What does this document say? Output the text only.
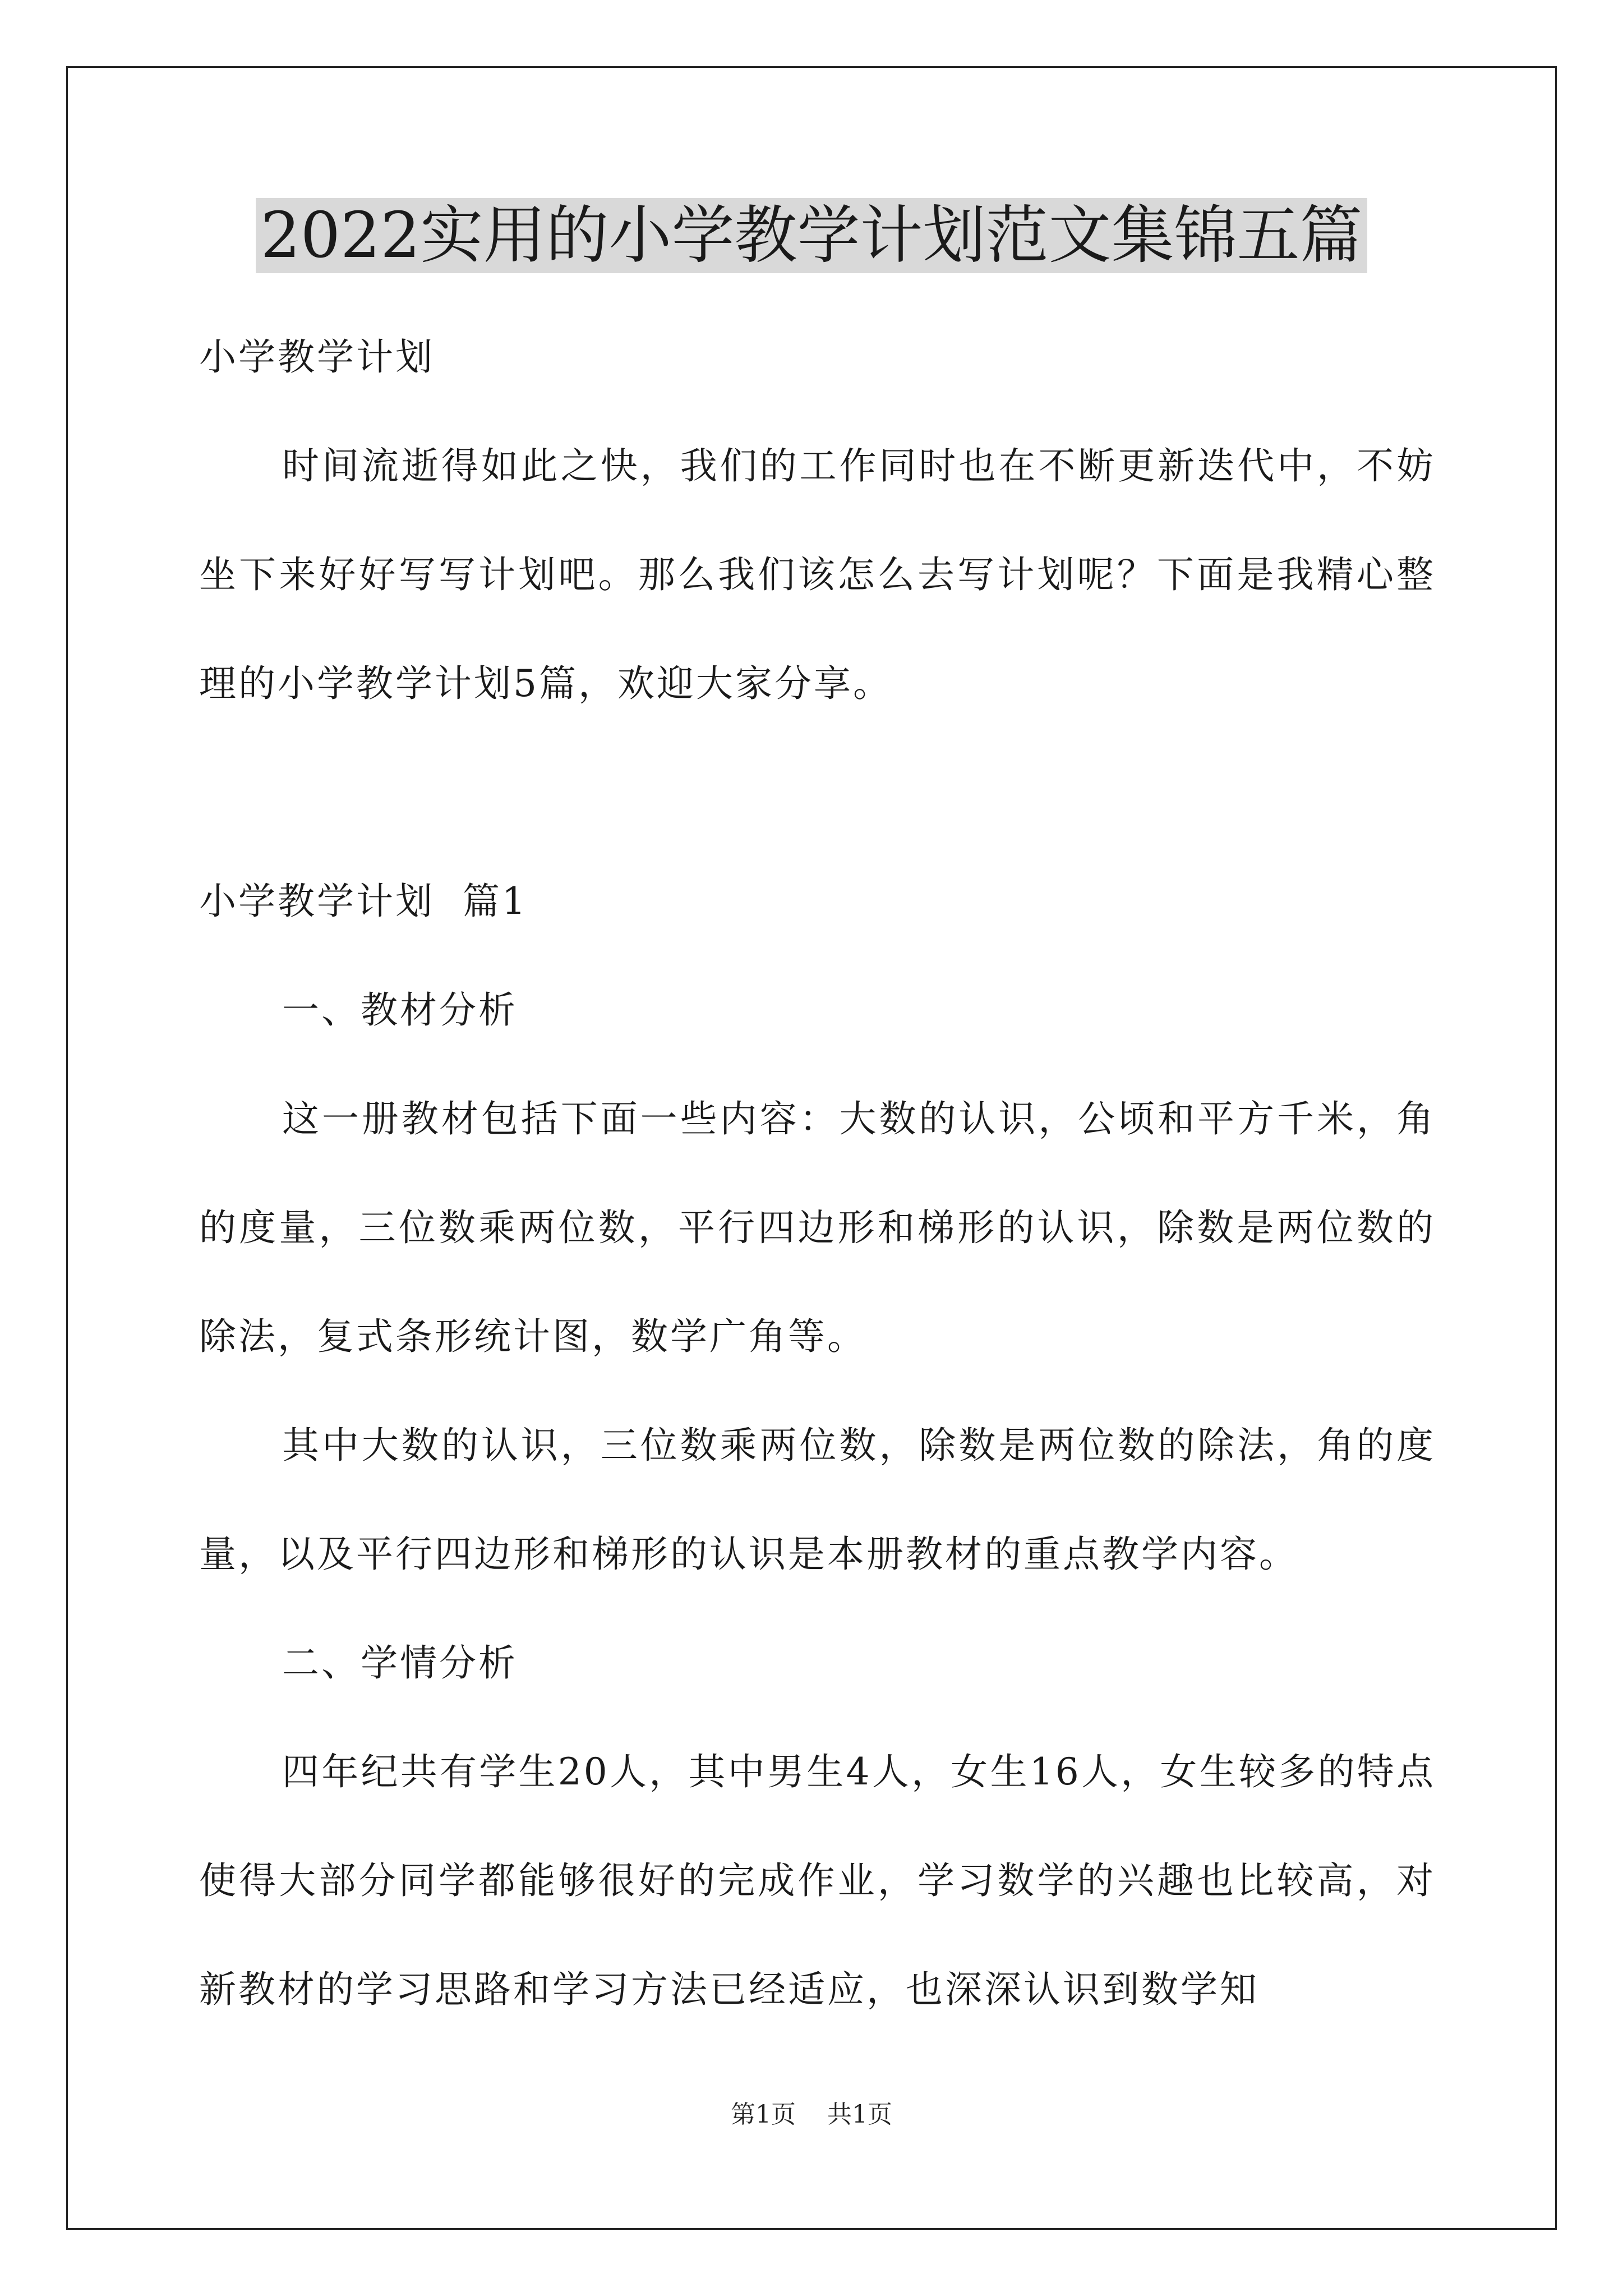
2022实用的小学教学计划范文集锦五篇

小学教学计划

时间流逝得如此之快，我们的工作同时也在不断更新迭代中，不妨坐下来好好写写计划吧。那么我们该怎么去写计划呢？下面是我精心整理的小学教学计划5篇，欢迎大家分享。

小学教学计划  篇1

一、教材分析

这一册教材包括下面一些内容：大数的认识，公顷和平方千米，角的度量，三位数乘两位数，平行四边形和梯形的认识，除数是两位数的除法，复式条形统计图，数学广角等。

其中大数的认识，三位数乘两位数，除数是两位数的除法，角的度量，以及平行四边形和梯形的认识是本册教材的重点教学内容。

二、学情分析

四年纪共有学生20人，其中男生4人，女生16人，女生较多的特点使得大部分同学都能够很好的完成作业，学习数学的兴趣也比较高，对新教材的学习思路和学习方法已经适应，也深深认识到数学知

第1页 共1页
